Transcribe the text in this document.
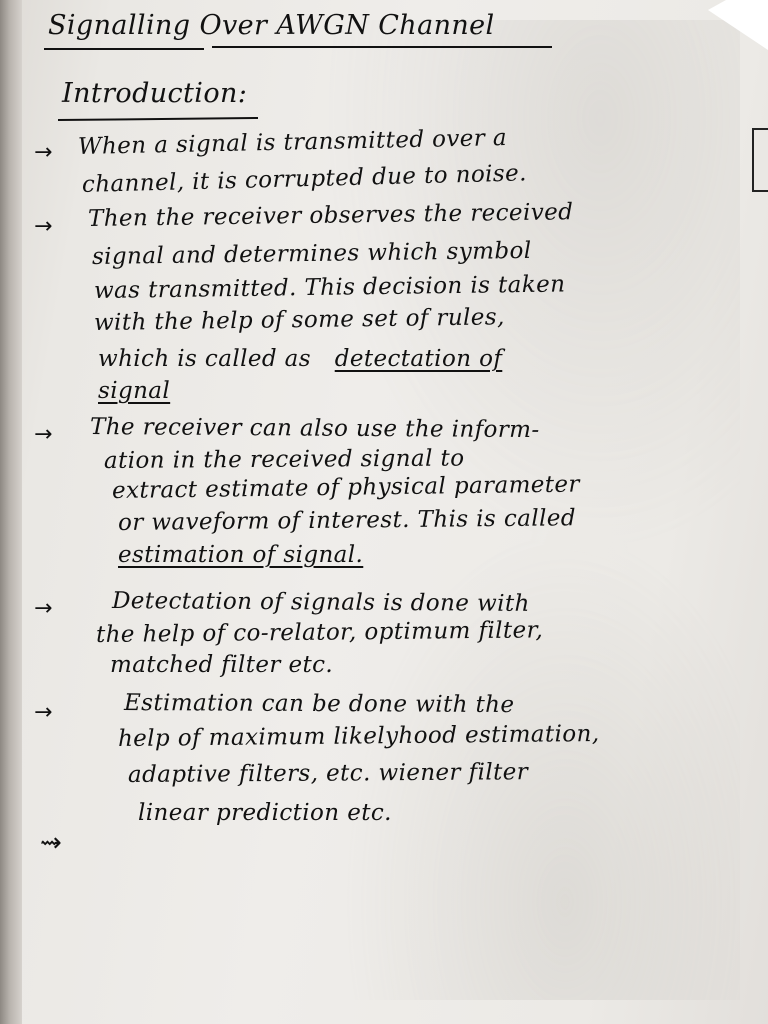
Signalling Over AWGN Channel
Introduction:
→ When a signal is transmitted over a
channel, it is corrupted due to noise.
→ Then the receiver observes the received
signal and determines which symbol
was transmitted. This decision is taken
with the help of some set of rules,
which is called as detectation of
signal
→ The receiver can also use the inform-
ation in the received signal to
extract estimate of physical parameter
or waveform of interest. This is called
estimation of signal.
→	Detectation of signals is done with
the help of co-relator, optimum filter,
matched filter etc.
→	Estimation can be done with the
help of maximum likelyhood estimation,
adaptive filters, etc. wiener filter
linear prediction etc.
⇝
